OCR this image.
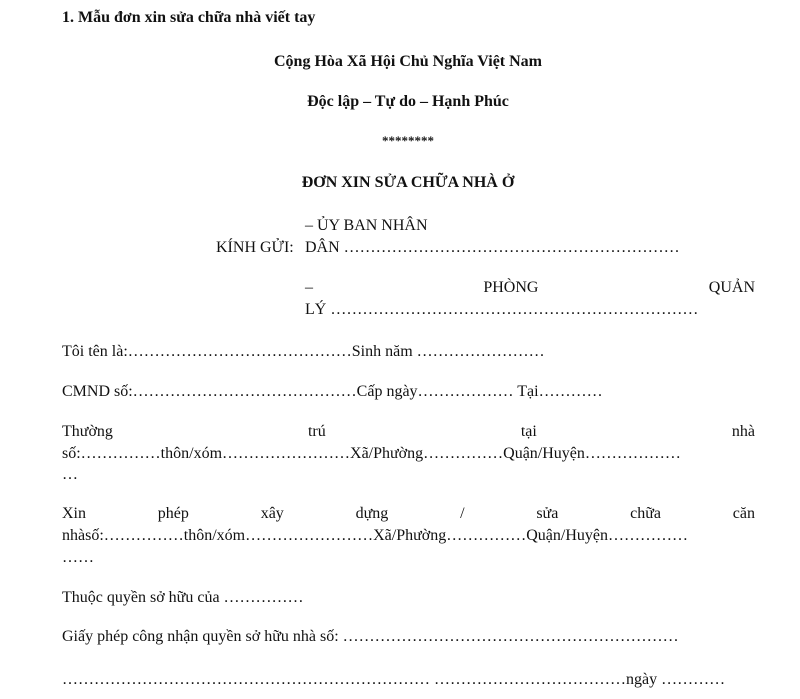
1. Mẫu đơn xin sửa chữa nhà viết tay
Cộng Hòa Xã Hội Chủ Nghĩa Việt Nam
Độc lập – Tự do – Hạnh Phúc
********
ĐƠN XIN SỬA CHỮA NHÀ Ở
– ỦY BAN NHÂN
KÍNH GỬI: DÂN ………………………………………………………
–	PHÒNG	QUẢN
LÝ ……………………………………………………………
Tôi tên là:……………………………………Sinh năm ……………………
CMND số:……………………………………Cấp ngày……………… Tại…………
Thường	trú	tại	nhà
số:……………thôn/xóm……………………Xã/Phường……………Quận/Huyện………………
…
Xin	phép	xây	dựng	/	sửa	chữa	căn
nhàsố:……………thôn/xóm……………………Xã/Phường……………Quận/Huyện……………
……
Thuộc quyền sở hữu của ……………
Giấy phép công nhận quyền sở hữu nhà số: ………………………………………………………
…………………………………………………………… ………………………………ngày …………
